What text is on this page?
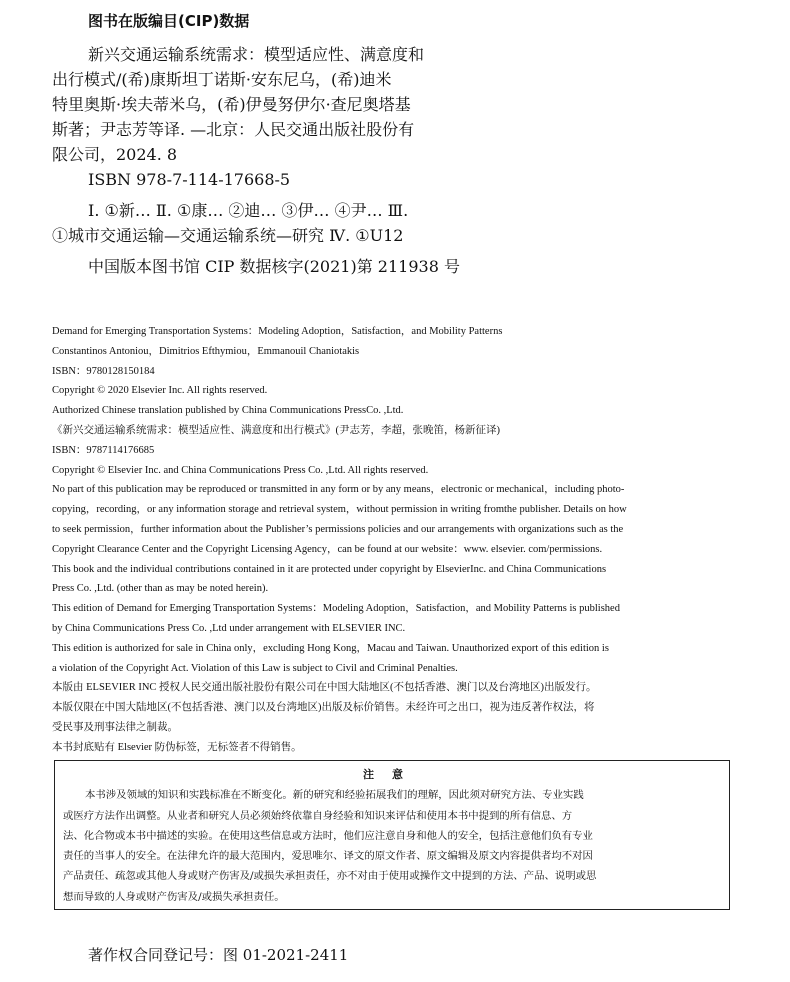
图书在版编目(CIP)数据
新兴交通运输系统需求：模型适应性、满意度和
出行模式/(希)康斯坦丁诺斯·安东尼乌，(希)迪米
特里奥斯·埃夫蒂米乌，(希)伊曼努伊尔·查尼奥塔基
斯著；尹志芳等译. —北京：人民交通出版社股份有
限公司，2024. 8
ISBN 978-7-114-17668-5
Ⅰ. ①新… Ⅱ. ①康… ②迪… ③伊… ④尹… Ⅲ.
①城市交通运输—交通运输系统—研究 Ⅳ. ①U12
中国版本图书馆 CIP 数据核字(2021)第 211938 号
Demand for Emerging Transportation Systems：Modeling Adoption，Satisfaction，and Mobility Patterns
Constantinos Antoniou，Dimitrios Efthymiou，Emmanouil Chaniotakis
ISBN：9780128150184
Copyright © 2020 Elsevier Inc. All rights reserved.
Authorized Chinese translation published by China Communications PressCo. ,Ltd.
《新兴交通运输系统需求：模型适应性、满意度和出行模式》(尹志芳，李超，张晚笛，杨新征译)
ISBN：9787114176685
Copyright © Elsevier Inc. and China Communications Press Co. ,Ltd. All rights reserved.
No part of this publication may be reproduced or transmitted in any form or by any means，electronic or mechanical，including photo-
copying，recording，or any information storage and retrieval system，without permission in writing fromthe publisher. Details on how
to seek permission，further information about the Publisher’s permissions policies and our arrangements with organizations such as the
Copyright Clearance Center and the Copyright Licensing Agency，can be found at our website：www. elsevier. com/permissions.
This book and the individual contributions contained in it are protected under copyright by ElsevierInc. and China Communications
Press Co. ,Ltd. (other than as may be noted herein).
This edition of Demand for Emerging Transportation Systems：Modeling Adoption，Satisfaction，and Mobility Patterns is published
by China Communications Press Co. ,Ltd under arrangement with ELSEVIER INC.
This edition is authorized for sale in China only，excluding Hong Kong，Macau and Taiwan. Unauthorized export of this edition is
a violation of the Copyright Act. Violation of this Law is subject to Civil and Criminal Penalties.
本版由 ELSEVIER INC 授权人民交通出版社股份有限公司在中国大陆地区(不包括香港、澳门以及台湾地区)出版发行。
本版仅限在中国大陆地区(不包括香港、澳门以及台湾地区)出版及标价销售。未经许可之出口，视为违反著作权法，将
受民事及刑事法律之制裁。
本书封底贴有 Elsevier 防伪标签，无标签者不得销售。
注意
本书涉及领域的知识和实践标准在不断变化。新的研究和经验拓展我们的理解，因此须对研究方法、专业实践
或医疗方法作出调整。从业者和研究人员必须始终依靠自身经验和知识来评估和使用本书中提到的所有信息、方
法、化合物或本书中描述的实验。在使用这些信息或方法时，他们应注意自身和他人的安全，包括注意他们负有专业
责任的当事人的安全。在法律允许的最大范围内，爱思唯尔、译文的原文作者、原文编辑及原文内容提供者均不对因
产品责任、疏忽或其他人身或财产伤害及/或损失承担责任，亦不对由于使用或操作文中提到的方法、产品、说明或思
想而导致的人身或财产伤害及/或损失承担责任。
著作权合同登记号：图 01-2021-2411
